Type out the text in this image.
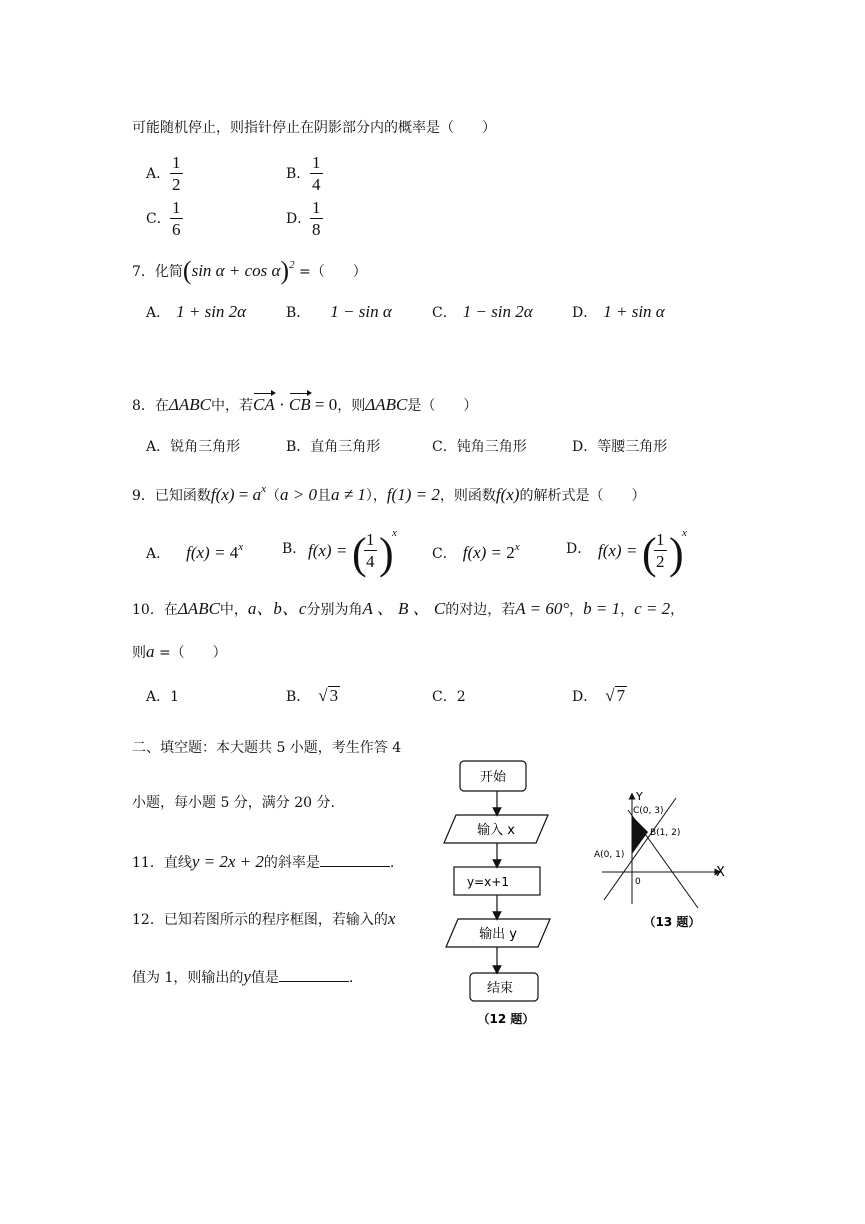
可能随机停止，则指针停止在阴影部分内的概率是（　　）
A． $\frac{1}{2}$	B． $\frac{1}{4}$
C． $\frac{1}{6}$	D．
$\frac{1}{8}$
7．化简(sin α + cos α)$^2$ =（　　）
A． 1 + sin 2α	B． 1 − sin α	C． 1 − sin 2α	D． 1 + sin α
8．在ΔABC中，若CA · CB = 0，则ΔABC是（　　）
A．锐角三角形	B．直角三角形	C．钝角三角形	D．等腰三角形
9．已知函数$f(x) = a^x(a > 0$且a ≠ 1），f(1) = 2，则函数f(x)的解析式是（　　）
A． $f(x) = 4^x$	B． f(x) = (
$\frac{1}{4}$ )
x
C． $f(x) = 2^x$	D． f(x) = (
$\frac{1}{2}$ )
x
10．在ΔABC中，a、b、c分别为角A 、 B 、 C的对边，若A = 60°，b = 1，c = 2，
则a =（　　）
A．1	B． √ 3	C．2	D． √ 7
二、填空题：本大题共 5 小题，考生作答 4
小题，每小题 5 分，满分 20 分.
11．直线y = 2x + 2的斜率是	.
12．已知若图所示的程序框图，若输入的x
值为 1，则输出的y值是	.
开始
输入 x
y=x+1
输出 y
结束
（12 题）
Y
X
0
A(0, 1)
B(1, 2)
C(0, 3)
（13 题）
